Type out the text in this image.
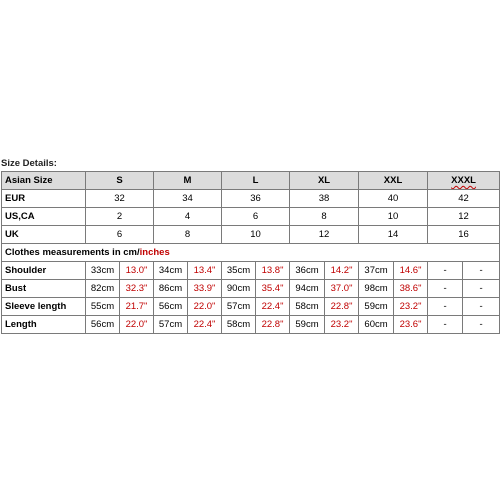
Size Details:
Asian Size	S		M		L		XL		XXL		XXXL	
EUR	32		34		36		38		40		42	
US,CA	2		4		6		8		10		12	
UK	6		8		10		12		14		16	
Clothes measurements in cm/inches												
Shoulder	33cm	13.0"	34cm	13.4"	35cm	13.8"	36cm	14.2"	37cm	14.6"	-	-
Bust	82cm	32.3"	86cm	33.9"	90cm	35.4"	94cm	37.0"	98cm	38.6"	-	-
Sleeve length	55cm	21.7"	56cm	22.0"	57cm	22.4"	58cm	22.8"	59cm	23.2"	-	-
Length	56cm	22.0"	57cm	22.4"	58cm	22.8"	59cm	23.2"	60cm	23.6"	-	-
